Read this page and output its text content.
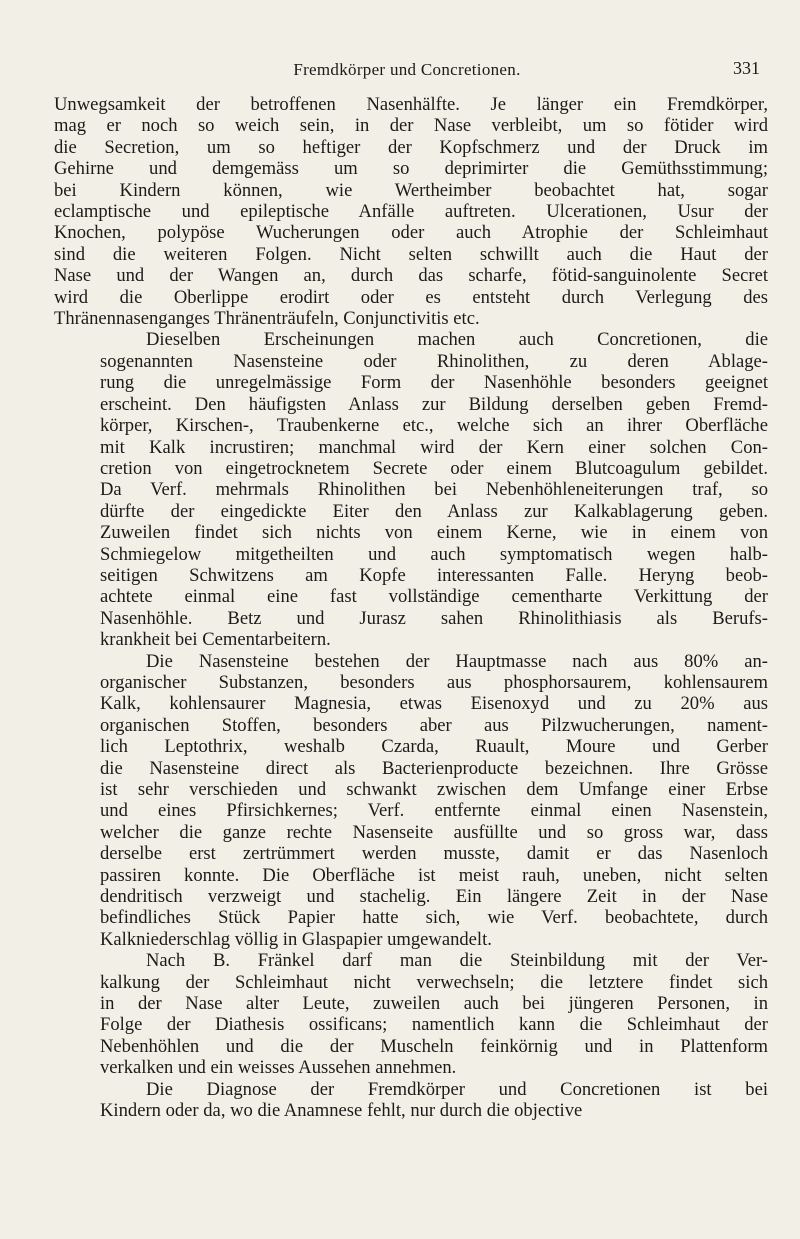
Fremdkörper und Concretionen.	331

Unwegsamkeit der betroffenen Nasenhälfte. Je länger ein Fremdkörper,
mag er noch so weich sein, in der Nase verbleibt, um so fötider wird
die Secretion, um so heftiger der Kopfschmerz und der Druck im
Gehirne und demgemäss um so deprimirter die Gemüthsstimmung;
bei Kindern können, wie Wertheimber beobachtet hat, sogar
eclamptische und epileptische Anfälle auftreten. Ulcerationen, Usur der
Knochen, polypöse Wucherungen oder auch Atrophie der Schleimhaut
sind die weiteren Folgen. Nicht selten schwillt auch die Haut der
Nase und der Wangen an, durch das scharfe, fötid-sanguinolente Secret
wird die Oberlippe erodirt oder es entsteht durch Verlegung des
Thränennasenganges Thränenträufeln, Conjunctivitis etc.

Dieselben Erscheinungen machen auch Concretionen, die
sogenannten Nasensteine oder Rhinolithen, zu deren Ablage-
rung die unregelmässige Form der Nasenhöhle besonders geeignet
erscheint. Den häufigsten Anlass zur Bildung derselben geben Fremd-
körper, Kirschen-, Traubenkerne etc., welche sich an ihrer Oberfläche
mit Kalk incrustiren; manchmal wird der Kern einer solchen Con-
cretion von eingetrocknetem Secrete oder einem Blutcoagulum gebildet.
Da Verf. mehrmals Rhinolithen bei Nebenhöhleneiterungen traf, so
dürfte der eingedickte Eiter den Anlass zur Kalkablagerung geben.
Zuweilen findet sich nichts von einem Kerne, wie in einem von
Schmiegelow mitgetheilten und auch symptomatisch wegen halb-
seitigen Schwitzens am Kopfe interessanten Falle. Heryng beob-
achtete einmal eine fast vollständige cementharte Verkittung der
Nasenhöhle. Betz und Jurasz sahen Rhinolithiasis als Berufs-
krankheit bei Cementarbeitern.

Die Nasensteine bestehen der Hauptmasse nach aus 80% an-
organischer Substanzen, besonders aus phosphorsaurem, kohlensaurem
Kalk, kohlensaurer Magnesia, etwas Eisenoxyd und zu 20% aus
organischen Stoffen, besonders aber aus Pilzwucherungen, nament-
lich Leptothrix, weshalb Czarda, Ruault, Moure und Gerber
die Nasensteine direct als Bacterienproducte bezeichnen. Ihre Grösse
ist sehr verschieden und schwankt zwischen dem Umfange einer Erbse
und eines Pfirsichkernes; Verf. entfernte einmal einen Nasenstein,
welcher die ganze rechte Nasenseite ausfüllte und so gross war, dass
derselbe erst zertrümmert werden musste, damit er das Nasenloch
passiren konnte. Die Oberfläche ist meist rauh, uneben, nicht selten
dendritisch verzweigt und stachelig. Ein längere Zeit in der Nase
befindliches Stück Papier hatte sich, wie Verf. beobachtete, durch
Kalkniederschlag völlig in Glaspapier umgewandelt.

Nach B. Fränkel darf man die Steinbildung mit der Ver-
kalkung der Schleimhaut nicht verwechseln; die letztere findet sich
in der Nase alter Leute, zuweilen auch bei jüngeren Personen, in
Folge der Diathesis ossificans; namentlich kann die Schleimhaut der
Nebenhöhlen und die der Muscheln feinkörnig und in Plattenform
verkalken und ein weisses Aussehen annehmen.

Die Diagnose der Fremdkörper und Concretionen ist bei
Kindern oder da, wo die Anamnese fehlt, nur durch die objective
